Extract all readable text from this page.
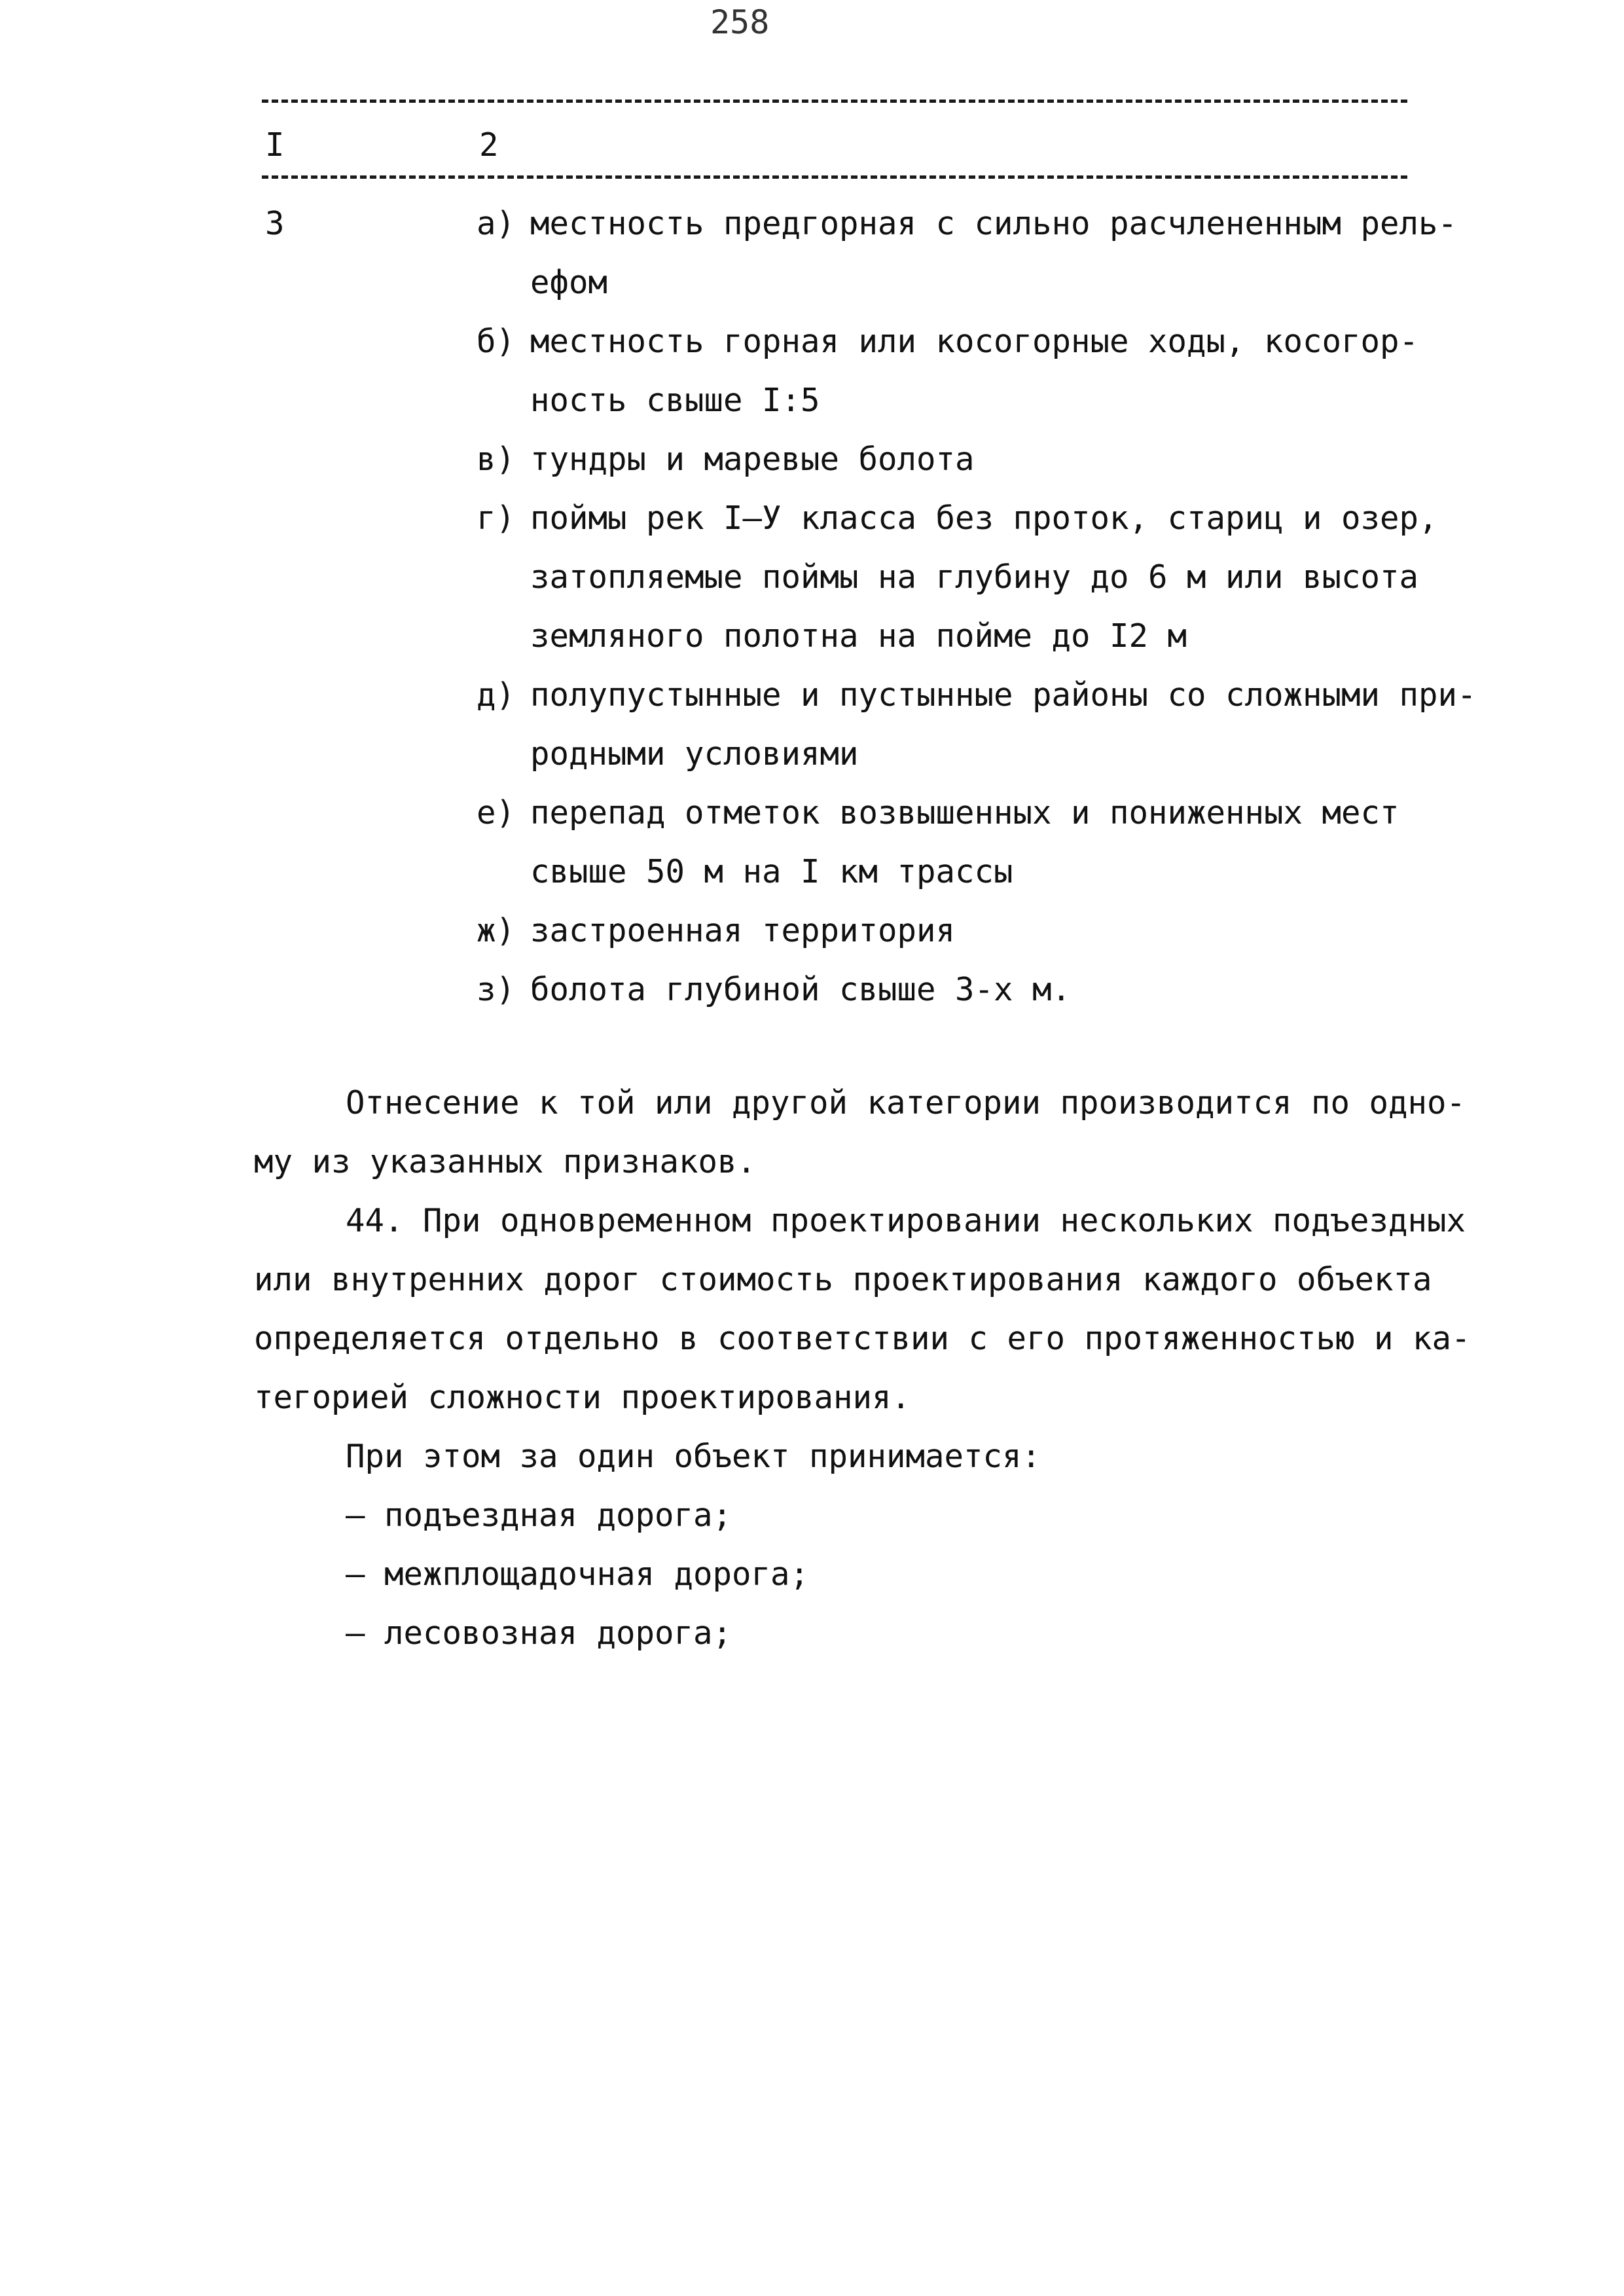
258
I	2
3	а) местность предгорная с сильно расчлененным рель-
ефом
б) местность горная или косогорные ходы, косогор-
ность свыше I:5
в) тундры и маревые болота
г) поймы рек I–У класса без проток, стариц и озер,
затопляемые поймы на глубину до 6 м или высота
земляного полотна на пойме до I2 м
д) полупустынные и пустынные районы со сложными при-
родными условиями
е) перепад отметок возвышенных и пониженных мест
свыше 50 м на I км трассы
ж) застроенная территория
з) болота глубиной свыше 3-х м.
Отнесение к той или другой категории производится по одно-
му из указанных признаков.
44. При одновременном проектировании нескольких подъездных
или внутренних дорог стоимость проектирования каждого объекта
определяется отдельно в соответствии с его протяженностью и ка-
тегорией сложности проектирования.
При этом за один объект принимается:
– подъездная дорога;
– межплощадочная дорога;
– лесовозная дорога;
